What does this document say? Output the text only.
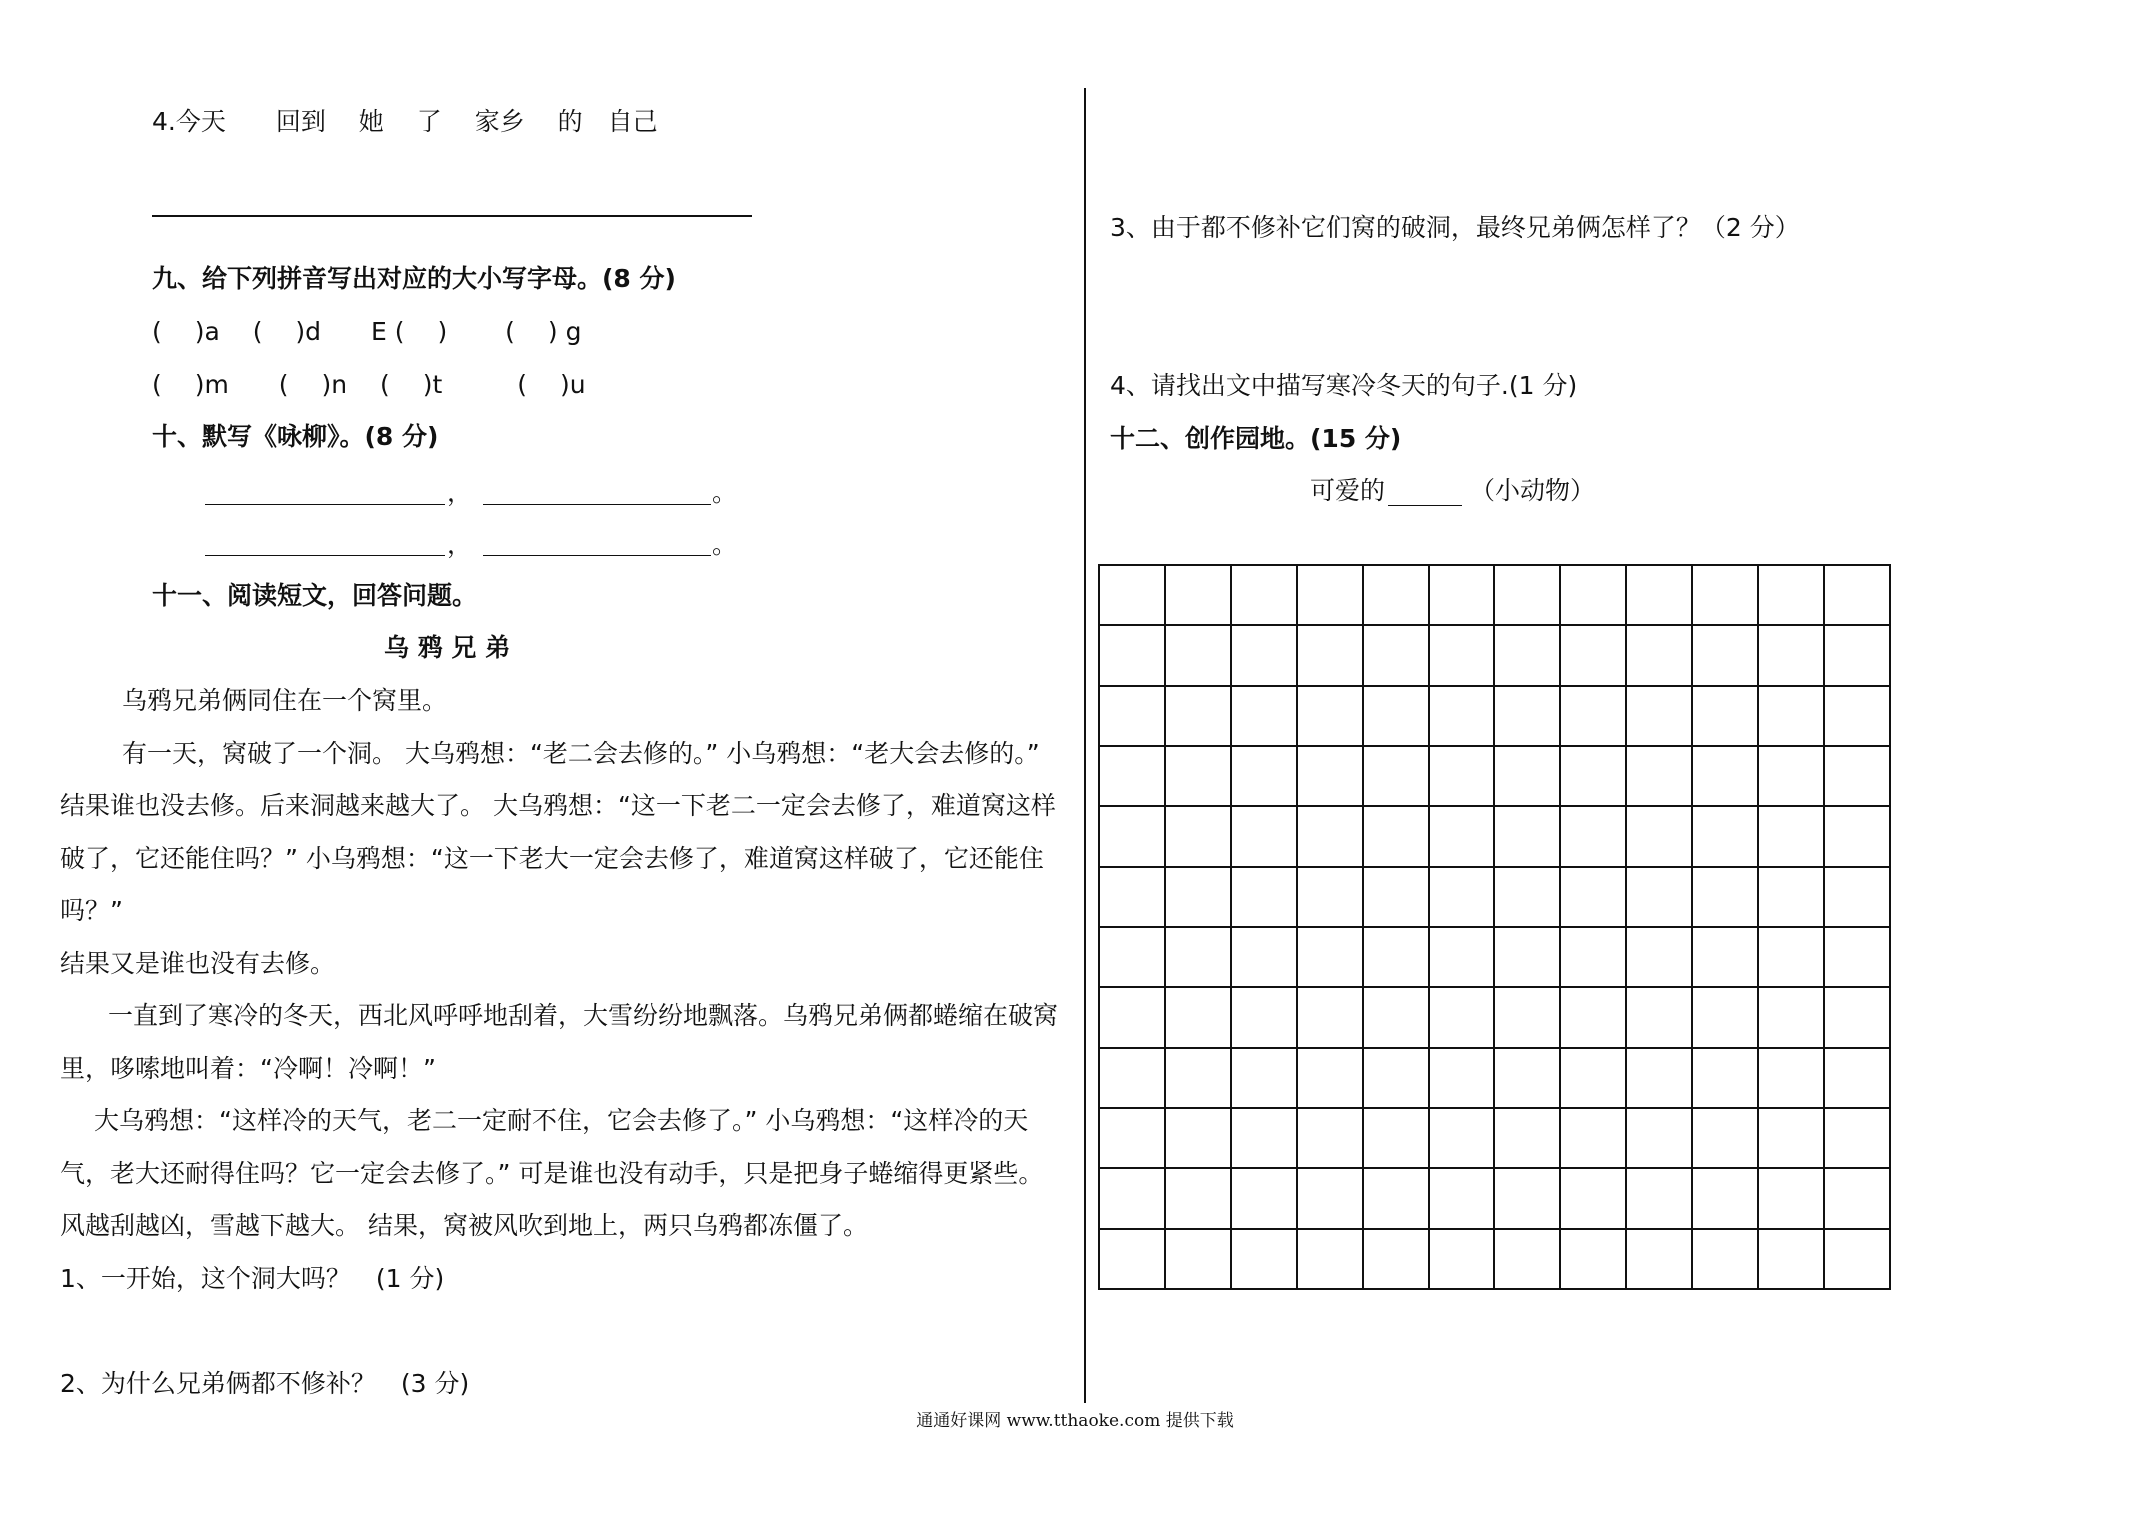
4.今天　　回到　 她　 了　 家乡　 的　自己
九、给下列拼音写出对应的大小写字母。(8 分)
(　 )a　 (　 )d　　E (　 )　　 (　 ) g
(　 )m　　(　 )n　 (　 )t　　　(　 )u
十、默写《咏柳》。(8 分)
，	。
，	。
十一、阅读短文，回答问题。
乌 鸦 兄 弟
乌鸦兄弟俩同住在一个窝里。
有一天，窝破了一个洞。 大乌鸦想：“老二会去修的。” 小乌鸦想：“老大会去修的。”
结果谁也没去修。后来洞越来越大了。 大乌鸦想：“这一下老二一定会去修了，难道窝这样
破了，它还能住吗？” 小乌鸦想：“这一下老大一定会去修了，难道窝这样破了，它还能住
吗？”
结果又是谁也没有去修。
一直到了寒冷的冬天，西北风呼呼地刮着，大雪纷纷地飘落。乌鸦兄弟俩都蜷缩在破窝
里，哆嗦地叫着：“冷啊！冷啊！”
大乌鸦想：“这样冷的天气，老二一定耐不住，它会去修了。” 小乌鸦想：“这样冷的天
气，老大还耐得住吗？它一定会去修了。” 可是谁也没有动手，只是把身子蜷缩得更紧些。
风越刮越凶，雪越下越大。 结果，窝被风吹到地上，两只乌鸦都冻僵了。
1、一开始，这个洞大吗？　(1 分)
2、为什么兄弟俩都不修补？　(3 分)
3、由于都不修补它们窝的破洞，最终兄弟俩怎样了？（2 分）
4、请找出文中描写寒冷冬天的句子.(1 分)
十二、创作园地。(15 分)
可爱的	（小动物）
通通好课网 www.tthaoke.com 提供下载
